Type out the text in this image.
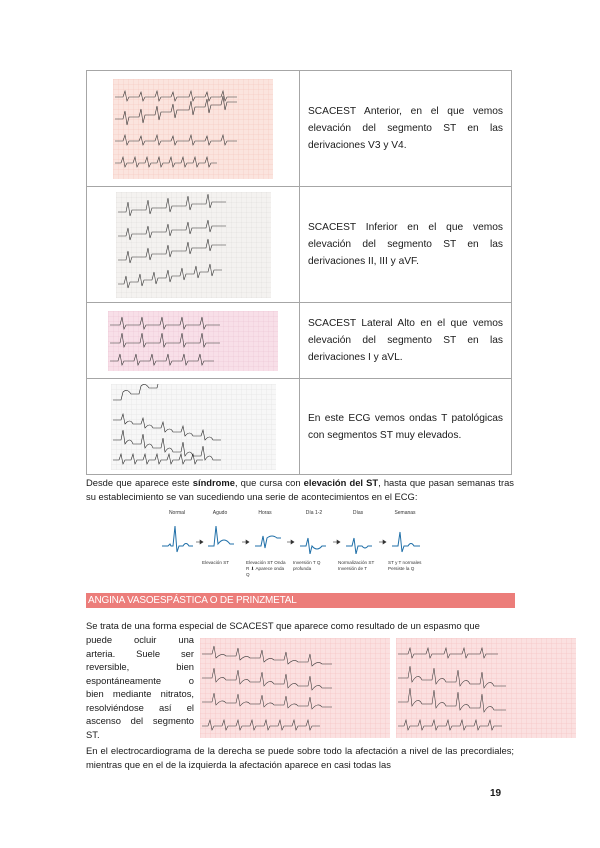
	SCACEST Anterior, en el que vemos elevación del segmento ST en las derivaciones V3 y V4.

	SCACEST Inferior en el que vemos elevación del segmento ST en las derivaciones II, III y aVF.

	SCACEST Lateral Alto en el que vemos elevación del segmento ST en las derivaciones I y aVL.

	En este ECG vemos ondas T patológicas con segmentos ST muy elevados.
Desde que aparece este síndrome, que cursa con elevación del ST, hasta que pasan semanas tras su establecimiento se van sucediendo una serie de acontecimientos en el ECG:
Normal	Agudo	Horas	Día 1-2	Días	Semanas
Elevación ST	Elevación ST Onda R ⬇ Aparece onda Q
Inversión T Q profunda
Normalización ST Inversión de T
ST y T normales Persiste la Q
ANGINA VASOESPÁSTICA O DE PRINZMETAL
Se trata de una forma especial de SCACEST que aparece como resultado de un espasmo que
puede ocluir una
arteria. Suele ser
reversible, bien
espontáneamente o
bien mediante nitratos,
resolviéndose así el
ascenso del segmento
ST.
En el electrocardiograma de la derecha se puede sobre todo la afectación a nivel de las precordiales; mientras que en el de la izquierda la afectación aparece en casi todas las
19
